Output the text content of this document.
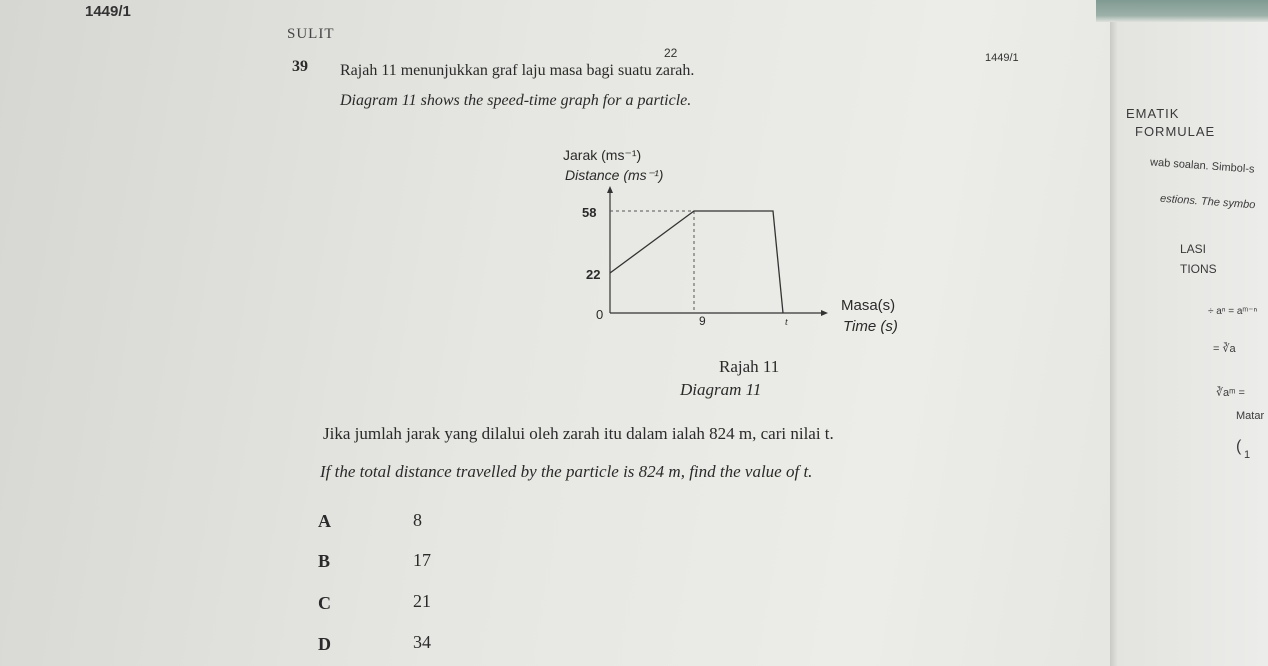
EMATIK
FORMULAE
wab soalan. Simbol-s
estions. The symbo
LASI
TIONS
÷ aⁿ = aᵐ⁻ⁿ
= ∛a
∛aᵐ =
Matar
( 1
1449/1
SULIT
22	1449/1
39 Rajah 11 menunjukkan graf laju masa bagi suatu zarah.
Diagram 11 shows the speed-time graph for a particle.
Jarak (ms⁻¹)
Distance (ms⁻¹)
58
22
0	9	t
Masa(s)
Time (s)
Rajah 11
Diagram 11
Jika jumlah jarak yang dilalui oleh zarah itu dalam ialah 824 m, cari nilai t.
If the total distance travelled by the particle is 824 m, find the value of t.
A	8
B	17
C	21
D	34
